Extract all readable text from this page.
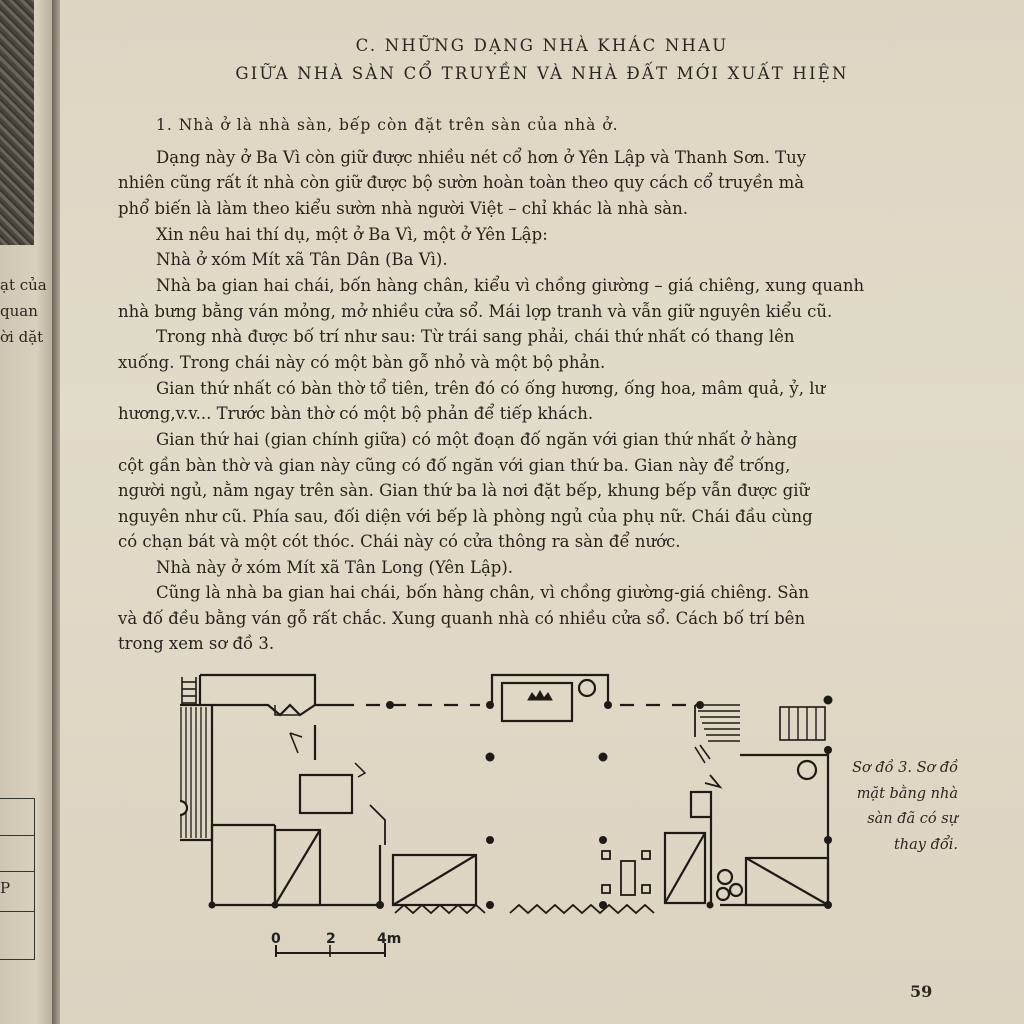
ạt của
quan
ời dặt
P
C. NHỮNG DẠNG NHÀ KHÁC NHAU
GIỮA NHÀ SÀN CỔ TRUYỀN VÀ NHÀ ĐẤT MỚI XUẤT HIỆN
1. Nhà ở là nhà sàn, bếp còn đặt trên sàn của nhà ở.
Dạng này ở Ba Vì còn giữ được nhiều nét cổ hơn ở Yên Lập và Thanh Sơn. Tuy
nhiên cũng rất ít nhà còn giữ được bộ sườn hoàn toàn theo quy cách cổ truyền mà
phổ biến là làm theo kiểu sườn nhà người Việt – chỉ khác là nhà sàn.
Xin nêu hai thí dụ, một ở Ba Vì, một ở Yên Lập:
Nhà ở xóm Mít xã Tân Dân (Ba Vì).
Nhà ba gian hai chái, bốn hàng chân, kiểu vì chồng giường – giá chiêng, xung quanh
nhà bưng bằng ván mỏng, mở nhiều cửa sổ. Mái lợp tranh và vẫn giữ nguyên kiểu cũ.
Trong nhà được bố trí như sau: Từ trái sang phải, chái thứ nhất có thang lên
xuống. Trong chái này có một bàn gỗ nhỏ và một bộ phản.
Gian thứ nhất có bàn thờ tổ tiên, trên đó có ống hương, ống hoa, mâm quả, ỷ, lư
hương,v.v... Trước bàn thờ có một bộ phản để tiếp khách.
Gian thứ hai (gian chính giữa) có một đoạn đố ngăn với gian thứ nhất ở hàng
cột gần bàn thờ và gian này cũng có đố ngăn với gian thứ ba. Gian này để trống,
người ngủ, nằm ngay trên sàn. Gian thứ ba là nơi đặt bếp, khung bếp vẫn được giữ
nguyên như cũ. Phía sau, đối diện với bếp là phòng ngủ của phụ nữ. Chái đầu cùng
có chạn bát và một cót thóc. Chái này có cửa thông ra sàn để nước.
Nhà này ở xóm Mít xã Tân Long (Yên Lập).
Cũng là nhà ba gian hai chái, bốn hàng chân, vì chồng giường-giá chiêng. Sàn
và đố đều bằng ván gỗ rất chắc. Xung quanh nhà có nhiều cửa sổ. Cách bố trí bên
trong xem sơ đồ 3.
0	2	4m
Sơ đồ 3. Sơ đồ
mặt bằng nhà
sàn đã có sự
thay đổi.
59
